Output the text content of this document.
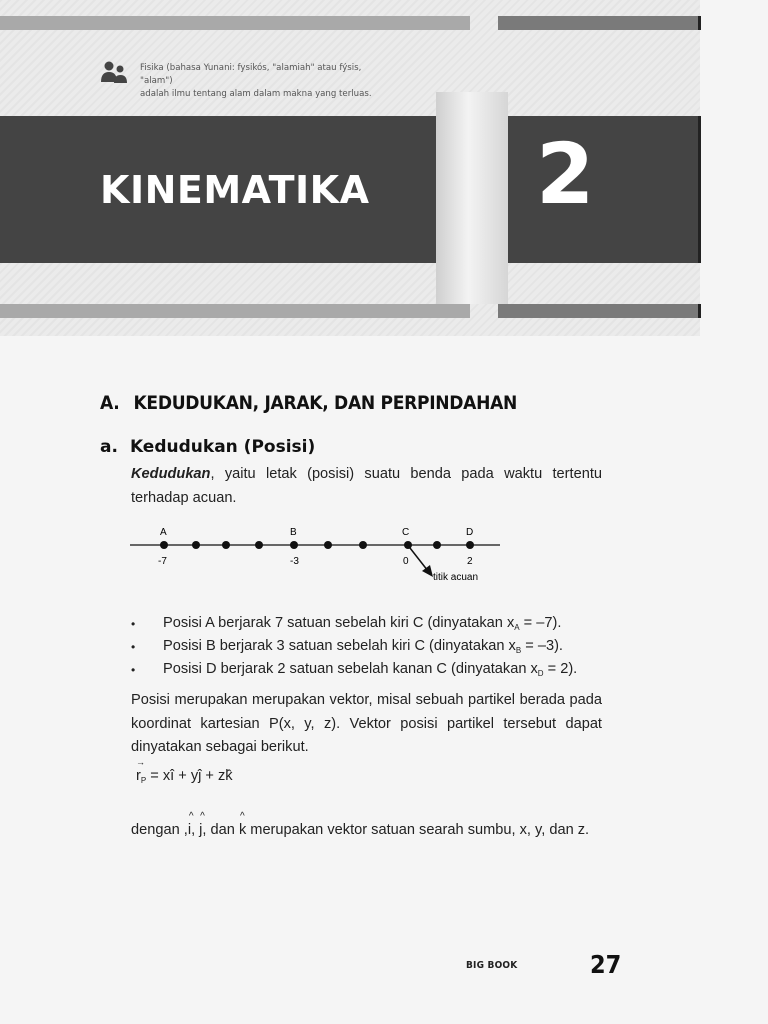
KINEMATIKA 2
Fisika (bahasa Yunani: fysikós, "alamiah" atau fýsis, "alam")
adalah ilmu tentang alam dalam makna yang terluas.
A. KEDUDUKAN, JARAK, DAN PERPINDAHAN
a. Kedudukan (Posisi)
Kedudukan, yaitu letak (posisi) suatu benda pada waktu tertentu terhadap acuan.
A	B	C	D
-7	-3	0	2
titik acuan
•	Posisi A berjarak 7 satuan sebelah kiri C (dinyatakan $x_A = -7$).
•	Posisi B berjarak 3 satuan sebelah kiri C (dinyatakan $x_B = -3$).
•	Posisi D berjarak 2 satuan sebelah kanan C (dinyatakan $x_D = 2$).
Posisi merupakan merupakan vektor, misal sebuah partikel berada pada koordinat kartesian P(x, y, z). Vektor posisi partikel tersebut dapat dinyatakan sebagai berikut.
→
$r_P$ = xî + yĵ + zk̂
dengan ,
^
i,
^
j, dan
^
k merupakan vektor satuan searah sumbu, x, y, dan z.
BIG BOOK	27
